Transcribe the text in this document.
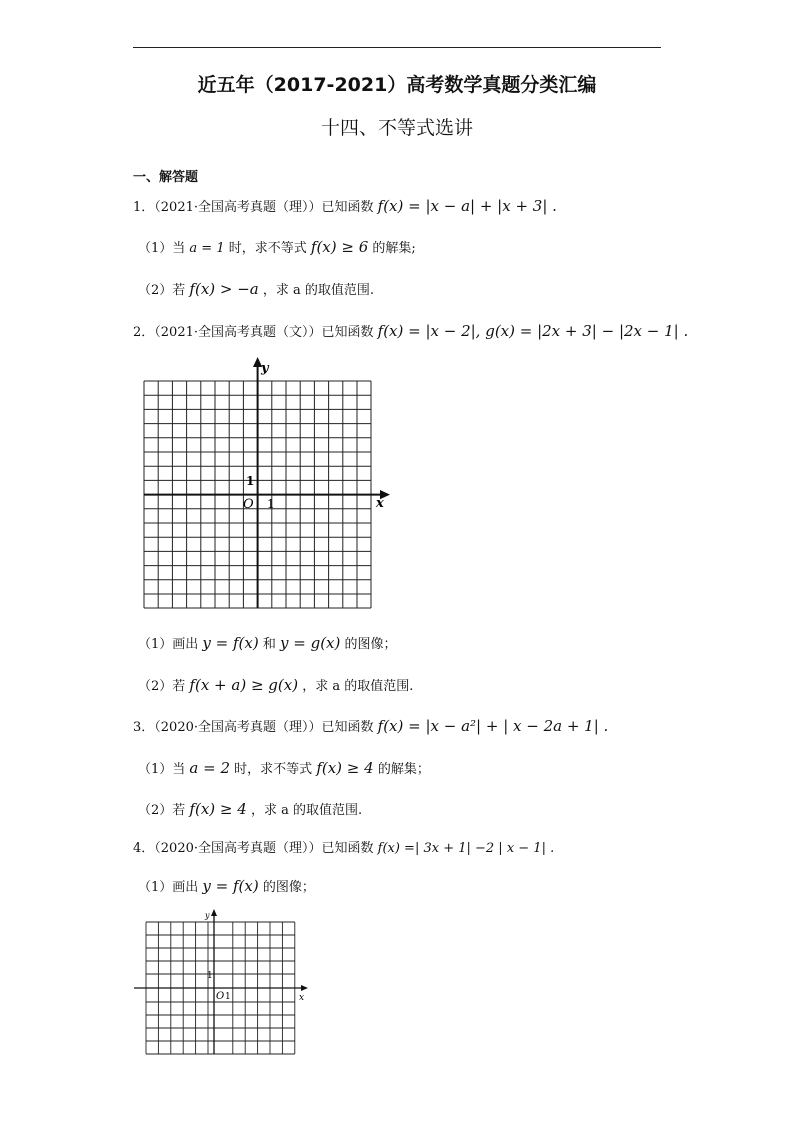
近五年（2017-2021）高考数学真题分类汇编
十四、不等式选讲
一、解答题
1．（2021·全国高考真题（理））已知函数 f(x) = |x − a| + |x + 3| .
（1）当 a = 1 时，求不等式 f(x) ≥ 6 的解集;
（2）若 f(x) > −a ，求 a 的取值范围.
2．（2021·全国高考真题（文））已知函数 f(x) = |x − 2|, g(x) = |2x + 3| − |2x − 1| .
y
x
O 1
1
（1）画出 y = f(x) 和 y = g(x) 的图像；
（2）若 f(x + a) ≥ g(x) ，求 a 的取值范围.
3．（2020·全国高考真题（理））已知函数 f(x) = |x − a²| + | x − 2a + 1| .
（1）当 a = 2 时，求不等式 f(x) ≥ 4 的解集；
（2）若 f(x) ≥ 4 ，求 a 的取值范围.
4．（2020·全国高考真题（理））已知函数 f(x) =| 3x + 1| −2 | x − 1| .
（1）画出 y = f(x) 的图像；
y
x
O 1
1
